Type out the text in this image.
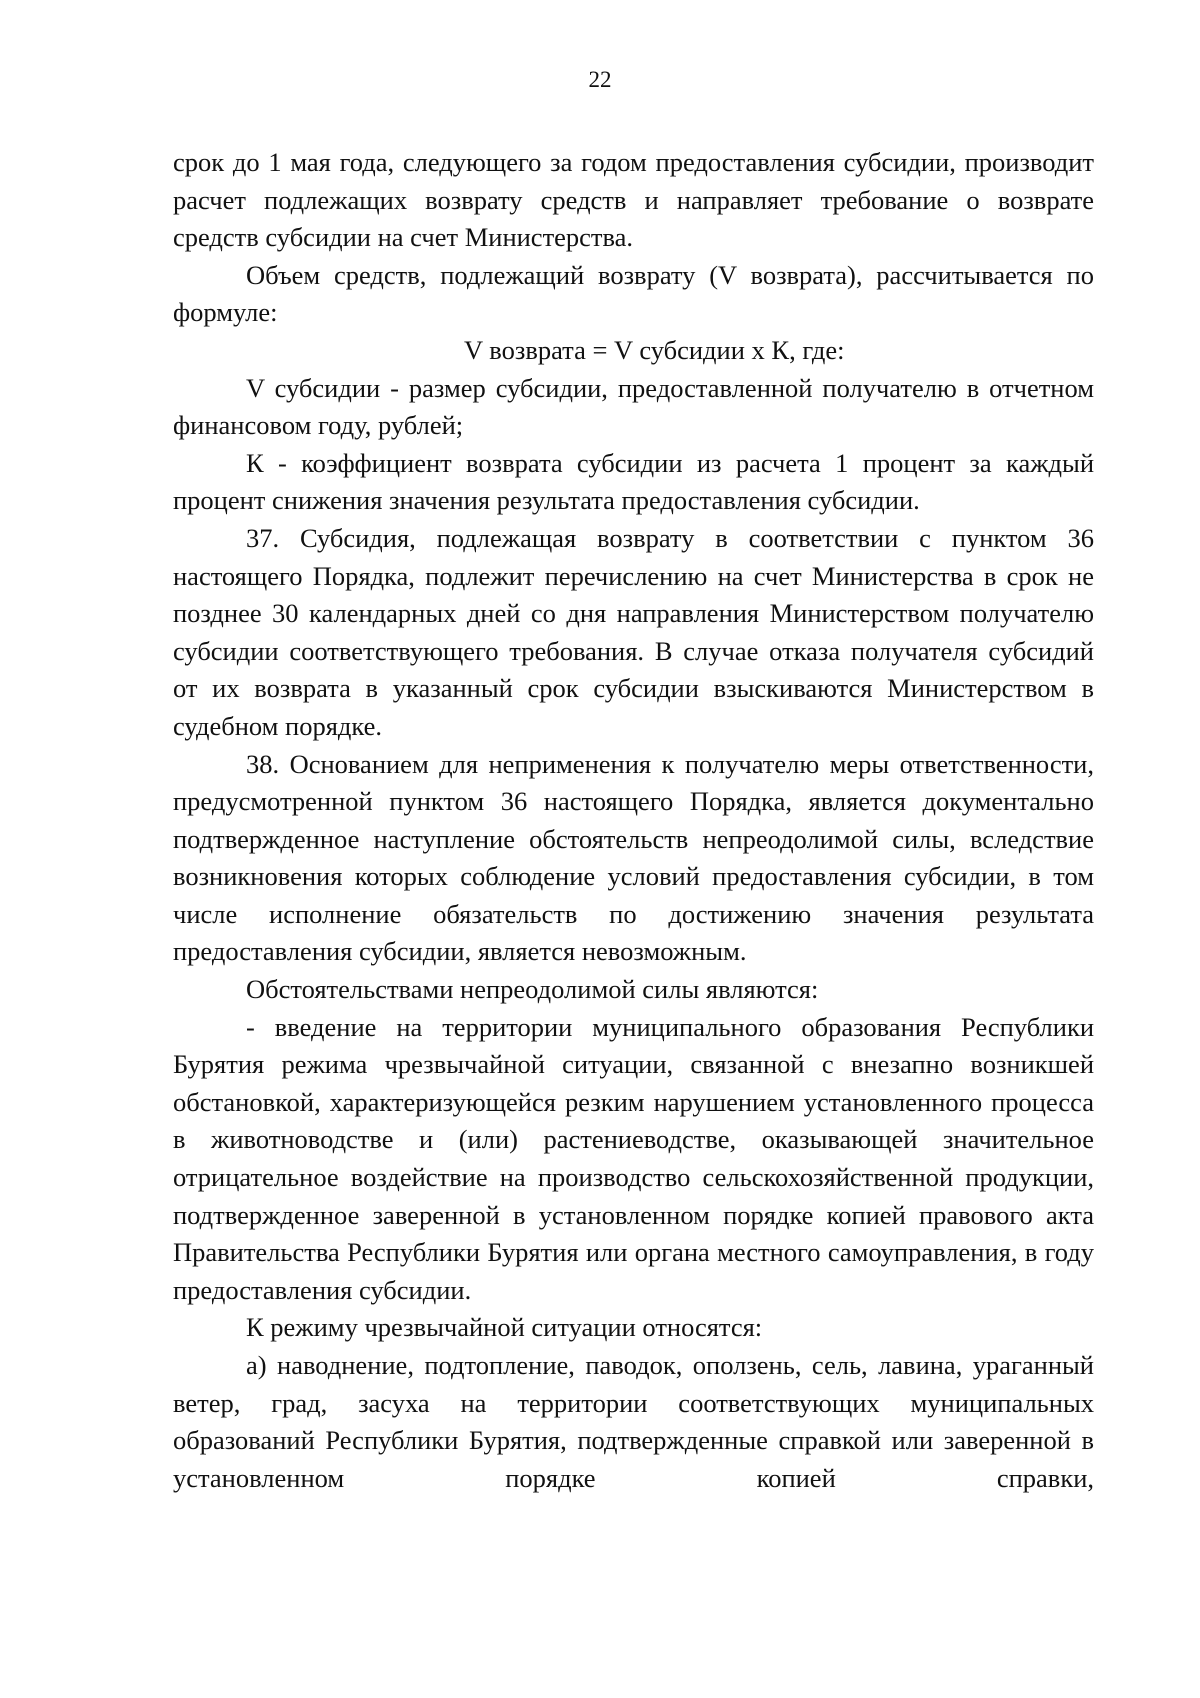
22

срок до 1 мая года, следующего за годом предоставления субсидии, производит расчет подлежащих возврату средств и направляет требование о возврате средств субсидии на счет Министерства.

Объем средств, подлежащий возврату (V возврата), рассчитывается по формуле:

V возврата = V субсидии х К, где:

V субсидии - размер субсидии, предоставленной получателю в отчетном финансовом году, рублей;

К - коэффициент возврата субсидии из расчета 1 процент за каждый процент снижения значения результата предоставления субсидии.

37. Субсидия, подлежащая возврату в соответствии с пунктом 36 настоящего Порядка, подлежит перечислению на счет Министерства в срок не позднее 30 календарных дней со дня направления Министерством получателю субсидии соответствующего требования. В случае отказа получателя субсидий от их возврата в указанный срок субсидии взыскиваются Министерством в судебном порядке.

38. Основанием для неприменения к получателю меры ответственности, предусмотренной пунктом 36 настоящего Порядка, является документально подтвержденное наступление обстоятельств непреодолимой силы, вследствие возникновения которых соблюдение условий предоставления субсидии, в том числе исполнение обязательств по достижению значения результата предоставления субсидии, является невозможным.

Обстоятельствами непреодолимой силы являются:

- введение на территории муниципального образования Республики Бурятия режима чрезвычайной ситуации, связанной с внезапно возникшей обстановкой, характеризующейся резким нарушением установленного процесса в животноводстве и (или) растениеводстве, оказывающей значительное отрицательное воздействие на производство сельскохозяйственной продукции, подтвержденное заверенной в установленном порядке копией правового акта Правительства Республики Бурятия или органа местного самоуправления, в году предоставления субсидии.

К режиму чрезвычайной ситуации относятся:

а) наводнение, подтопление, паводок, оползень, сель, лавина, ураганный ветер, град, засуха на территории соответствующих муниципальных образований Республики Бурятия, подтвержденные справкой или заверенной в установленном порядке копией справки,
